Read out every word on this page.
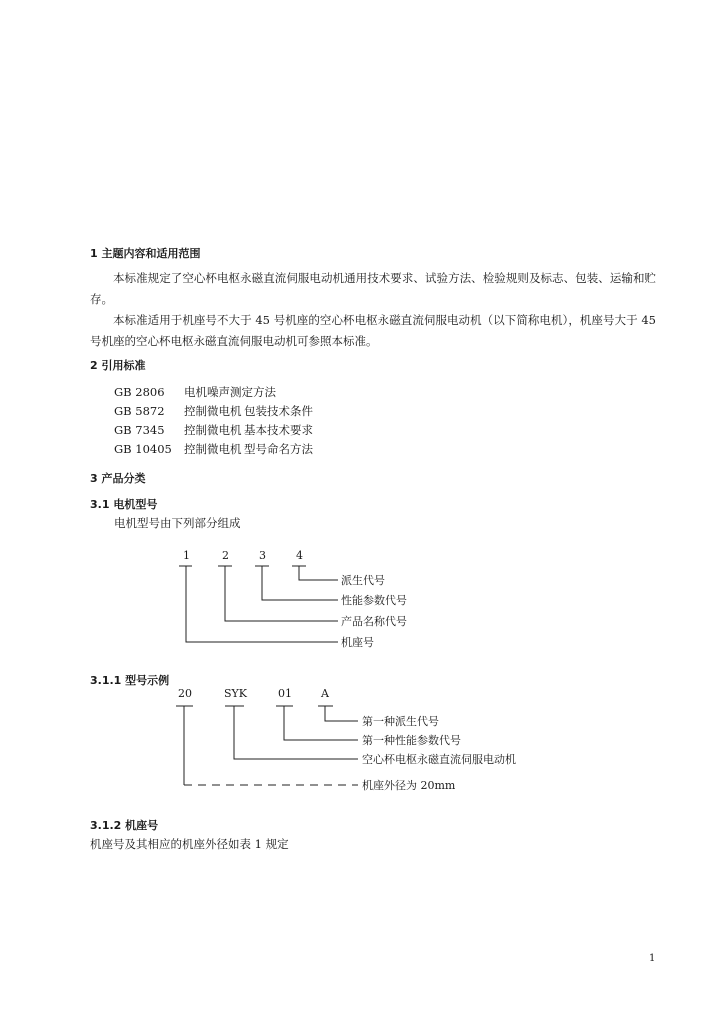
1 主题内容和适用范围
本标准规定了空心杯电枢永磁直流伺服电动机通用技术要求、试验方法、检验规则及标志、包装、运输和贮存。
本标准适用于机座号不大于 45 号机座的空心杯电枢永磁直流伺服电动机（以下简称电机），机座号大于 45 号机座的空心杯电枢永磁直流伺服电动机可参照本标准。
2 引用标准
GB 2806 电机噪声测定方法
GB 5872 控制微电机 包装技术条件
GB 7345 控制微电机 基本技术要求
GB 10405 控制微电机 型号命名方法
3 产品分类
3.1 电机型号
电机型号由下列部分组成
1	2	3	4
派生代号
性能参数代号
产品名称代号
机座号
3.1.1 型号示例
20	SYK	01	A
第一种派生代号
第一种性能参数代号
空心杯电枢永磁直流伺服电动机
机座外径为 20mm
3.1.2 机座号
机座号及其相应的机座外径如表 1 规定
1
